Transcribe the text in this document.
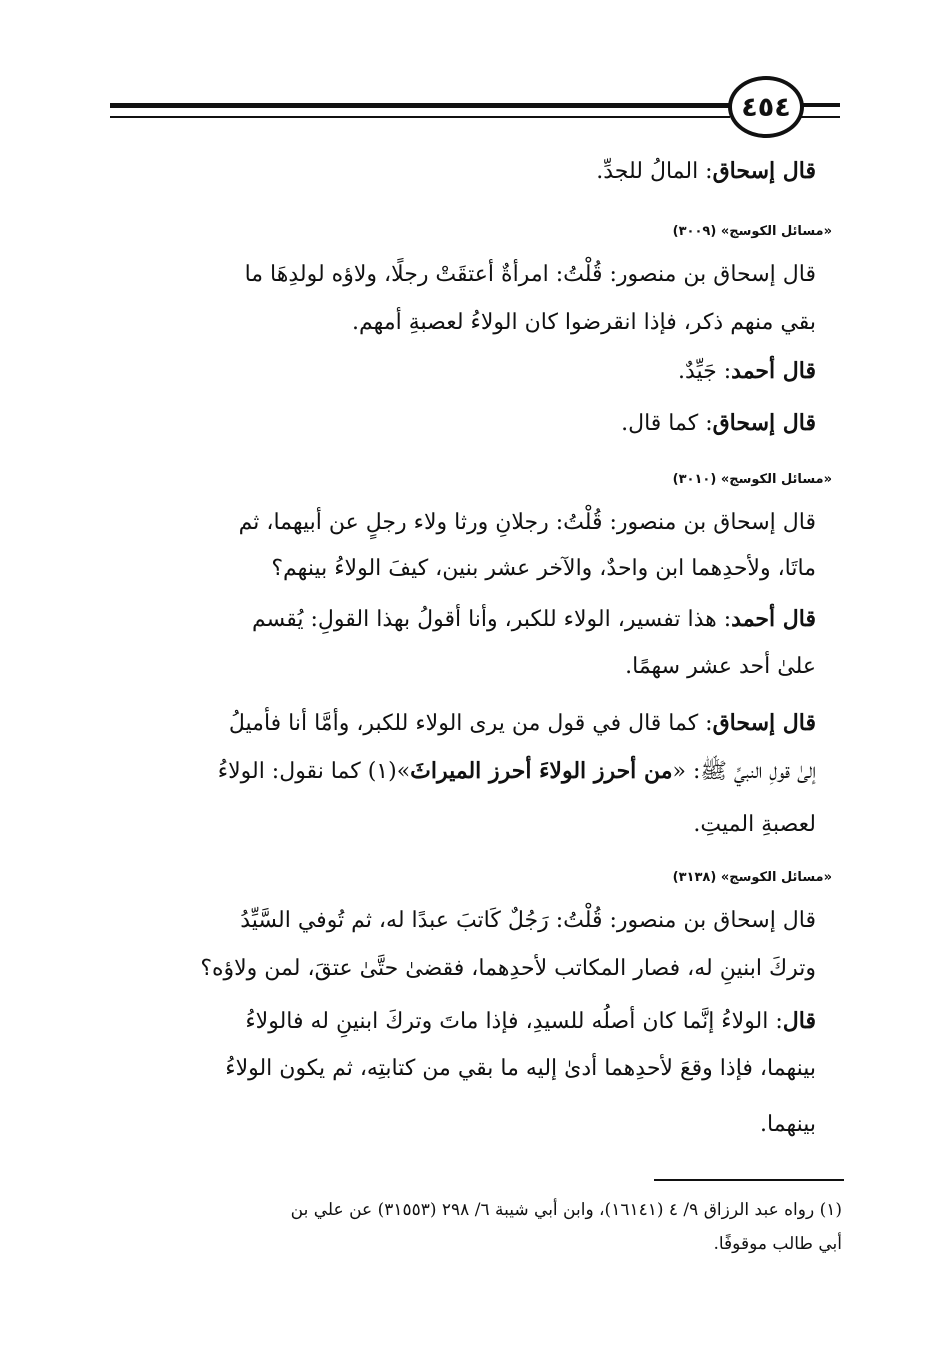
٤٥٤
قال إسحاق: المالُ للجدِّ.
«مسائل الكوسج» (٣٠٠٩)
قال إسحاق بن منصور: قُلْتُ: امرأةٌ أعتقَتْ رجلًا، ولاؤه لولدِهَا ما
بقي منهم ذكر، فإذا انقرضوا كان الولاءُ لعصبةِ أمهم.
قال أحمد: جَيِّدٌ.
قال إسحاق: كما قال.
«مسائل الكوسج» (٣٠١٠)
قال إسحاق بن منصور: قُلْتُ: رجلانِ ورثا ولاء رجلٍ عن أبيهما، ثم
ماتَا، ولأحدِهما ابن واحدٌ، والآخر عشر بنين، كيفَ الولاءُ بينهم؟
قال أحمد: هذا تفسير، الولاء للكبر، وأنا أقولُ بهذا القولِ: يُقسم
علىٰ أحد عشر سهمًا.
قال إسحاق: كما قال في قول من يرى الولاء للكبر، وأمَّا أنا فأميلُ
إلىٰ قولِ النبيِّ ﷺ: «من أحرز الولاءَ أحرز الميراثَ»(١) كما نقول: الولاءُ
لعصبةِ الميتِ.
«مسائل الكوسج» (٣١٣٨)
قال إسحاق بن منصور: قُلْتُ: رَجُلٌ كَاتبَ عبدًا له، ثم تُوفي السَّيِّدُ
وتركَ ابنينِ له، فصار المكاتب لأحدِهما، فقضىٰ حتَّىٰ عتقَ، لمن ولاؤه؟
قال: الولاءُ إنَّما كان أصلُه للسيدِ، فإذا ماتَ وتركَ ابنينِ له فالولاءُ
بينهما، فإذا وقعَ لأحدِهما أدىٰ إليه ما بقي من كتابتِه، ثم يكون الولاءُ
بينهما.
(١) رواه عبد الرزاق ٩/ ٤ (١٦١٤١)، وابن أبي شيبة ٦/ ٢٩٨ (٣١٥٥٣) عن علي بن
أبي طالب موقوفًا.
